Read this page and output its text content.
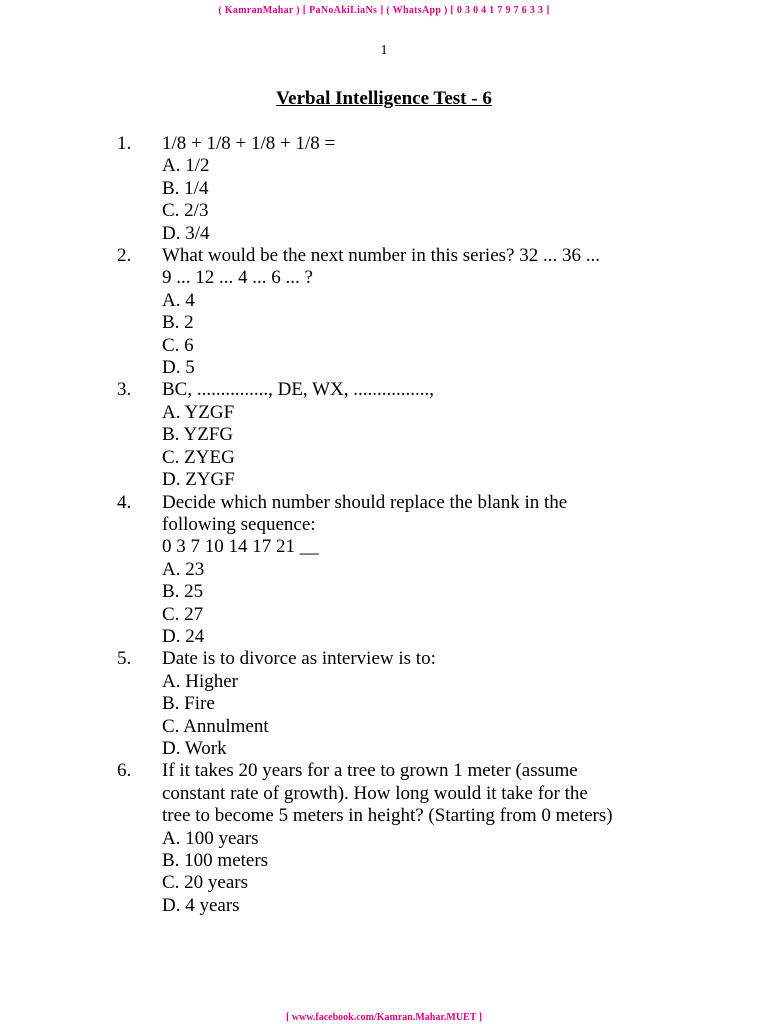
( KamranMahar ) [ PaNoAkiLiaNs ] ( WhatsApp ) [ 0 3 0 4 1 7 9 7 6 3 3 ]
1
Verbal Intelligence Test - 6
1. 1/8 + 1/8 + 1/8 + 1/8 =
A. 1/2
B. 1/4
C. 2/3
D. 3/4
2. What would be the next number in this series? 32 ... 36 ...
9 ... 12 ... 4 ... 6 ... ?
A. 4
B. 2
C. 6
D. 5
3. BC, ..............., DE, WX, ................,
A. YZGF
B. YZFG
C. ZYEG
D. ZYGF
4. Decide which number should replace the blank in the
following sequence:
0 3 7 10 14 17 21 __
A. 23
B. 25
C. 27
D. 24
5. Date is to divorce as interview is to:
A. Higher
B. Fire
C. Annulment
D. Work
6. If it takes 20 years for a tree to grown 1 meter (assume
constant rate of growth). How long would it take for the
tree to become 5 meters in height? (Starting from 0 meters)
A. 100 years
B. 100 meters
C. 20 years
D. 4 years
[ www.facebook.com/Kamran.Mahar.MUET ]
